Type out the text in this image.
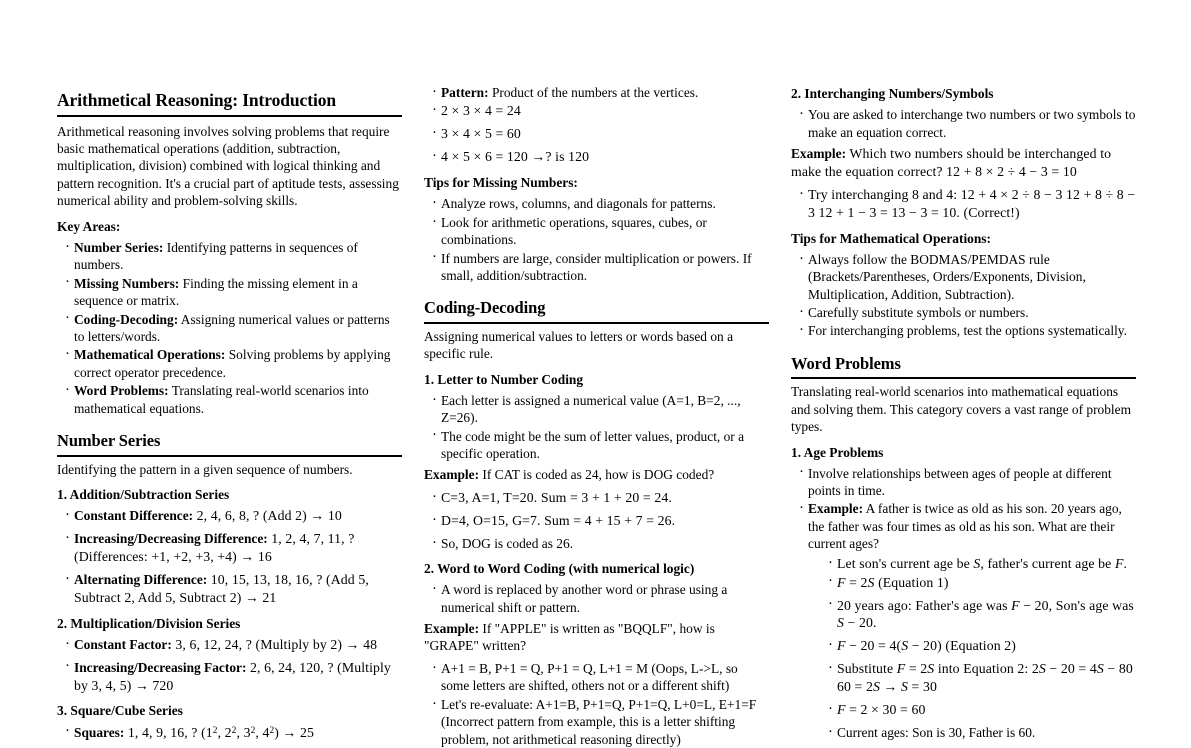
Arithmetical Reasoning: Introduction

Arithmetical reasoning involves solving problems that require basic mathematical operations (addition, subtraction, multiplication, division) combined with logical thinking and pattern recognition. It's a crucial part of aptitude tests, assessing numerical ability and problem-solving skills.

Key Areas:
· Number Series: Identifying patterns in sequences of numbers.
· Missing Numbers: Finding the missing element in a sequence or matrix.
· Coding-Decoding: Assigning numerical values or patterns to letters/words.
· Mathematical Operations: Solving problems by applying correct operator precedence.
· Word Problems: Translating real-world scenarios into mathematical equations.
Number Series

Identifying the pattern in a given sequence of numbers.

1. Addition/Subtraction Series
· Constant Difference: 2, 4, 6, 8, ? (Add 2) → 10
· Increasing/Decreasing Difference: 1, 2, 4, 7, 11, ? (Differences: +1, +2, +3, +4) → 16
· Alternating Difference: 10, 15, 13, 18, 16, ? (Add 5, Subtract 2, Add 5, Subtract 2) → 21
2. Multiplication/Division Series
· Constant Factor: 3, 6, 12, 24, ? (Multiply by 2) → 48
· Increasing/Decreasing Factor: 2, 6, 24, 120, ? (Multiply by 3, 4, 5) → 720
3. Square/Cube Series
· Squares: 1, 4, 9, 16, ? ($1^2$, $2^2$, $3^2$, $4^2) \to 25$
· Pattern: Product of the numbers at the vertices.
· 2 × 3 × 4 = 24
· 3 × 4 × 5 = 60
· 4 × 5 × 6 = 120 →? is 120
Tips for Missing Numbers:
· Analyze rows, columns, and diagonals for patterns.
· Look for arithmetic operations, squares, cubes, or combinations.
· If numbers are large, consider multiplication or powers. If small, addition/subtraction.
Coding-Decoding

Assigning numerical values to letters or words based on a specific rule.

1. Letter to Number Coding
· Each letter is assigned a numerical value (A=1, B=2, ..., Z=26).
· The code might be the sum of letter values, product, or a specific operation.

Example: If CAT is coded as 24, how is DOG coded?

· C=3, A=1, T=20. Sum = 3 + 1 + 20 = 24.
· D=4, O=15, G=7. Sum = 4 + 15 + 7 = 26.
· So, DOG is coded as 26.
2. Word to Word Coding (with numerical logic)
· A word is replaced by another word or phrase using a numerical shift or pattern.

Example: If "APPLE" is written as "BQQLF", how is "GRAPE" written?

· A+1 = B, P+1 = Q, P+1 = Q, L+1 = M (Oops, L->L, so some letters are shifted, others not or a different shift)
· Let's re-evaluate: A+1=B, P+1=Q, P+1=Q, L+0=L, E+1=F (Incorrect pattern from example, this is a letter shifting problem, not arithmetical reasoning directly)
2. Interchanging Numbers/Symbols
· You are asked to interchange two numbers or two symbols to make an equation correct.

Example: Which two numbers should be interchanged to make the equation correct? 12 + 8 × 2 ÷ 4 − 3 = 10

· Try interchanging 8 and 4: 12 + 4 × 2 ÷ 8 − 3 12 + 8 ÷ 8 − 3 12 + 1 − 3 = 13 − 3 = 10. (Correct!)
Tips for Mathematical Operations:
· Always follow the BODMAS/PEMDAS rule (Brackets/Parentheses, Orders/Exponents, Division, Multiplication, Addition, Subtraction).
· Carefully substitute symbols or numbers.
· For interchanging problems, test the options systematically.
Word Problems

Translating real-world scenarios into mathematical equations and solving them. This category covers a vast range of problem types.

1. Age Problems
· Involve relationships between ages of people at different points in time.
· Example: A father is twice as old as his son. 20 years ago, the father was four times as old as his son. What are their current ages?
· Let son's current age be S, father's current age be F.
· F = 2S (Equation 1)
· 20 years ago: Father's age was F − 20, Son's age was S − 20.
· F − 20 = 4(S − 20) (Equation 2)
· Substitute F = 2S into Equation 2: 2S − 20 = 4S − 80 60 = 2S → S = 30
· F = 2 × 30 = 60
· Current ages: Son is 30, Father is 60.
